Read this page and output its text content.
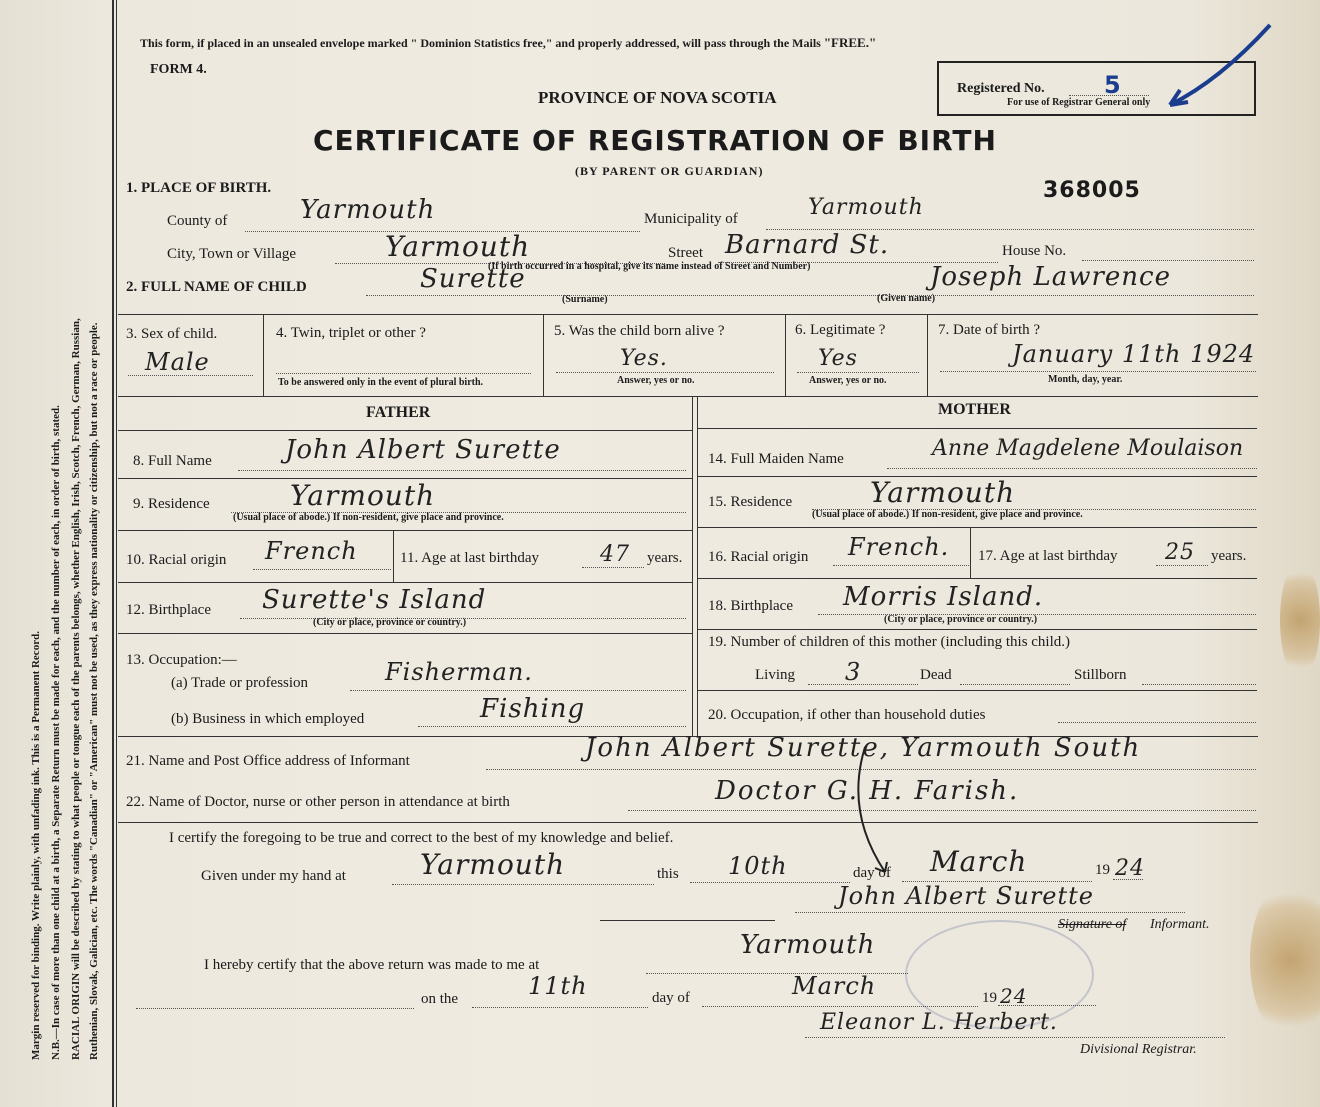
Margin reserved for binding. Write plainly, with unfading ink. This is a Permanent Record. N.B.—In case of more than one child at a birth, a Separate Return must be made for each, and the number of each, in order of birth, stated. RACIAL ORIGIN will be described by stating to what people or tongue each of the parents belongs, whether English, Irish, Scotch, French, German, Russian, Ruthenian, Slovak, Galician, etc. The words "Canadian" or "American" must not be used, as they express nationality or citizenship, but not a race or people.
This form, if placed in an unsealed envelope marked " Dominion Statistics free," and properly addressed, will pass through the Mails "FREE."
FORM 4.
PROVINCE OF NOVA SCOTIA
CERTIFICATE OF REGISTRATION OF BIRTH
(BY PARENT OR GUARDIAN)
Registered No. 5
For use of Registrar General only
368005
1. PLACE OF BIRTH.
County of	Yarmouth	Municipality of	Yarmouth
City, Town or Village	Yarmouth	Street Barnard St.	House No.
(If birth occurred in a hospital, give its name instead of Street and Number)
2. FULL NAME OF CHILD	Surette
(Surname)
Joseph Lawrence
(Given name)
3. Sex of child.
Male
4. Twin, triplet or other ?
To be answered only in the event of plural birth.
5. Was the child born alive ?
Yes.
Answer, yes or no.
6. Legitimate ?
Yes
Answer, yes or no.
7. Date of birth ?
January 11th 1924
Month, day, year.
FATHER	MOTHER
8. Full Name	John Albert Surette
9. Residence	Yarmouth
(Usual place of abode.) If non-resident, give place and province.
10. Racial origin French	11. Age at last birthday	47 years.
12. Birthplace Surette's Island
(City or place, province or country.)
13. Occupation:—
(a) Trade or profession	Fisherman.
(b) Business in which employed	Fishing
14. Full Maiden Name	Anne Magdelene Moulaison
15. Residence	Yarmouth
(Usual place of abode.) If non-resident, give place and province.
16. Racial origin French. 17. Age at last birthday 25 years.
18. Birthplace Morris Island.
(City or place, province or country.)
19. Number of children of this mother (including this child.)
Living 3	Dead	Stillborn
20. Occupation, if other than household duties
21. Name and Post Office address of Informant	John Albert Surette, Yarmouth South
22. Name of Doctor, nurse or other person in attendance at birth	Doctor G. H. Farish.
I certify the foregoing to be true and correct to the best of my knowledge and belief.
Given under my hand at	Yarmouth	this 10th	day of March	19 24
John Albert Surette
Signature of Informant.
I hereby certify that the above return was made to me at
Yarmouth
on the	11th	day of	March	19 24
Eleanor L. Herbert.
Divisional Registrar.
